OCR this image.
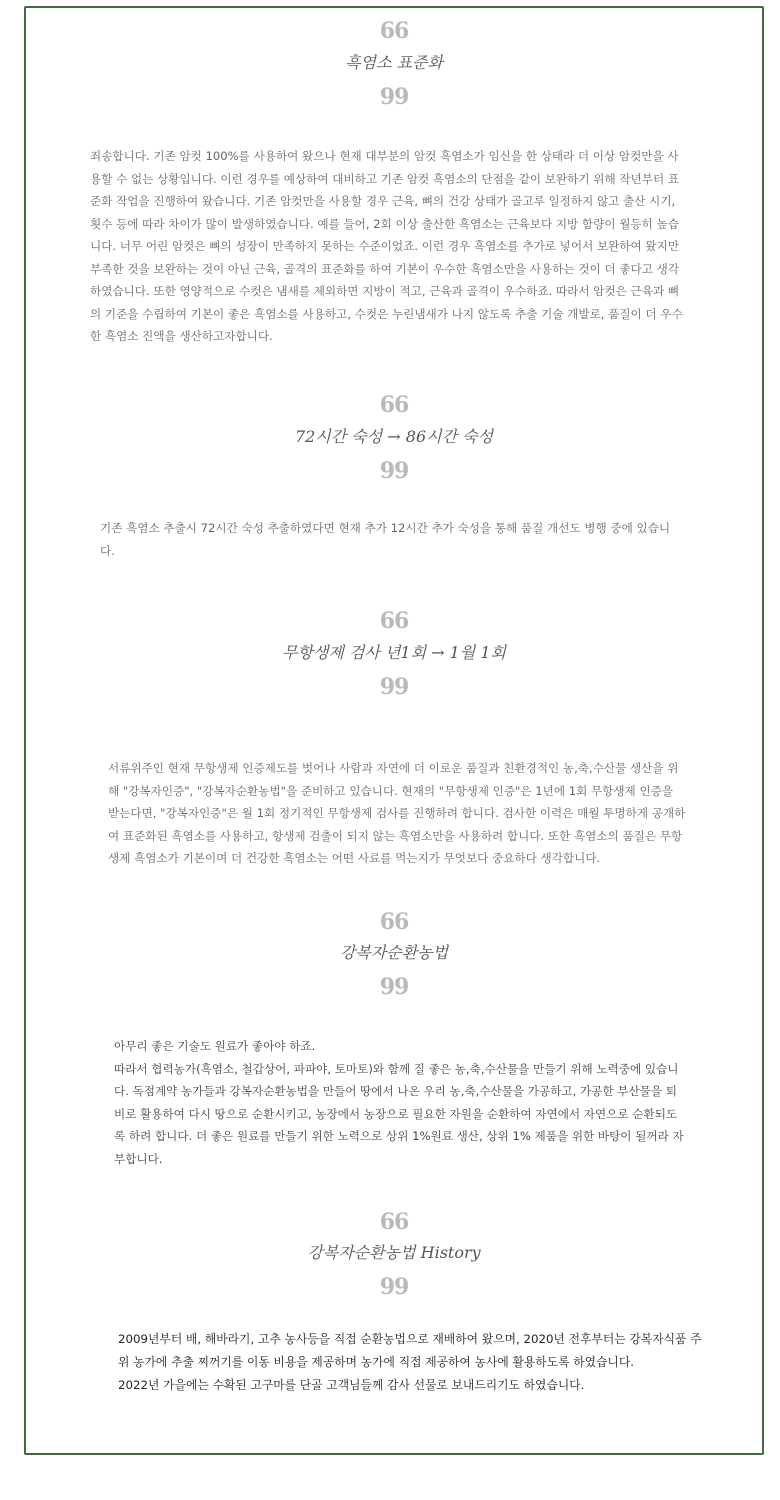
66
흑염소 표준화
99

죄송합니다. 기존 암컷 100%를 사용하여 왔으나 현재 대부분의 암컷 흑염소가 임신을 한 상태라 더 이상 암컷만을 사용할 수 없는 상황입니다. 이런 경우를 예상하여 대비하고 기존 암컷 흑염소의 단점을 같이 보완하기 위해 작년부터 표준화 작업을 진행하여 왔습니다. 기존 암컷만을 사용할 경우 근육, 뼈의 건강 상태가 골고루 일정하지 않고 출산 시기, 횟수 등에 따라 차이가 많이 발생하였습니다. 예를 들어, 2회 이상 출산한 흑염소는 근육보다 지방 함량이 월등히 높습니다. 너무 어린 암컷은 뼈의 성장이 만족하지 못하는 수준이었죠. 이런 경우 흑염소를 추가로 넣어서 보완하여 왔지만 부족한 것을 보완하는 것이 아닌 근육, 골격의 표준화를 하여 기본이 우수한 흑염소만을 사용하는 것이 더 좋다고 생각하였습니다. 또한 영양적으로 수컷은 냄새를 제외하면 지방이 적고, 근육과 골격이 우수하죠. 따라서 암컷은 근육과 뼈의 기준을 수립하여 기본이 좋은 흑염소를 사용하고, 수컷은 누린냄새가 나지 않도록 추출 기술 개발로, 품질이 더 우수한 흑염소 진액을 생산하고자합니다.

66
72시간 숙성 → 86시간 숙성
99

기존 흑염소 추출시 72시간 숙성 추출하였다면 현재 추가 12시간 추가 숙성을 통해 품질 개선도 병행 중에 있습니다.

66
무항생제 검사 년1회 → 1월 1회
99

서류위주인 현재 무항생제 인증제도를 벗어나 사람과 자연에 더 이로운 품질과 친환경적인 농,축,수산물 생산을 위해 "강복자인증", "강복자순환농법"을 준비하고 있습니다. 현재의 "무항생제 인증"은 1년에 1회 무항생제 인증을 받는다면, "강복자인증"은 월 1회 정기적인 무항생제 검사를 진행하려 합니다. 검사한 이력은 매월 투명하게 공개하여 표준화된 흑염소를 사용하고, 항생제 검출이 되지 않는 흑염소만을 사용하려 합니다. 또한 흑염소의 품질은 무항생제 흑염소가 기본이며 더 건강한 흑염소는 어떤 사료를 먹는지가 무엇보다 중요하다 생각합니다.

66
강복자순환농법
99

아무리 좋은 기술도 원료가 좋아야 하죠.

따라서 협력농가(흑염소, 철갑상어, 파파야, 토마토)와 함께 질 좋은 농,축,수산물을 만들기 위해 노력중에 있습니다. 독점계약 농가들과 강복자순환농법을 만들어 땅에서 나온 우리 농,축,수산물을 가공하고, 가공한 부산물을 퇴비로 활용하여 다시 땅으로 순환시키고, 농장에서 농장으로 필요한 자원을 순환하여 자연에서 자연으로 순환되도록 하려 합니다. 더 좋은 원료를 만들기 위한 노력으로 상위 1%원료 생산, 상위 1% 제품을 위한 바탕이 될꺼라 자부합니다.

66
강복자순환농법 History
99

2009년부터 배, 해바라기, 고추 농사등을 직접 순환농법으로 재배하여 왔으며, 2020년 전후부터는 강복자식품 주위 농가에 추출 찌꺼기를 이동 비용을 제공하며 농가에 직접 제공하여 농사에 활용하도록 하였습니다.

2022년 가을에는 수확된 고구마를 단골 고객님들께 감사 선물로 보내드리기도 하였습니다.
